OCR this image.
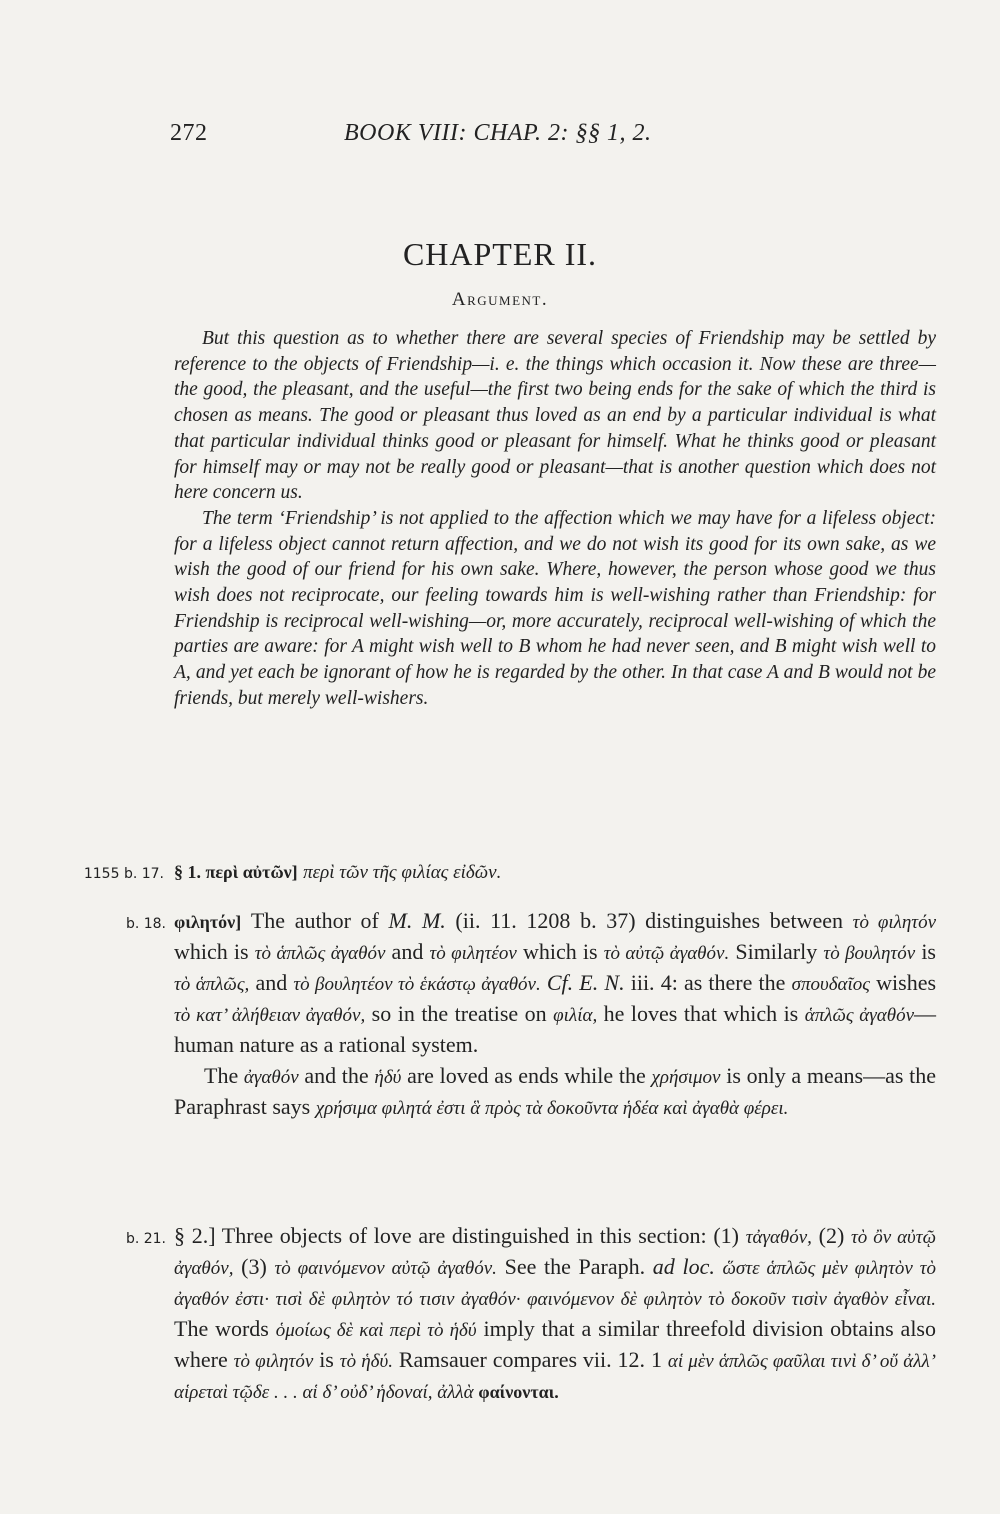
272	BOOK VIII: CHAP. 2: §§ 1, 2.
CHAPTER II.
Argument.

But this question as to whether there are several species of Friendship may be settled by reference to the objects of Friendship—i. e. the things which occasion it. Now these are three—the good, the pleasant, and the useful—the first two being ends for the sake of which the third is chosen as means. The good or pleasant thus loved as an end by a particular individual is what that particular individual thinks good or pleasant for himself. What he thinks good or pleasant for himself may or may not be really good or pleasant—that is another question which does not here concern us.

The term ‘Friendship’ is not applied to the affection which we may have for a lifeless object: for a lifeless object cannot return affection, and we do not wish its good for its own sake, as we wish the good of our friend for his own sake. Where, however, the person whose good we thus wish does not reciprocate, our feeling towards him is well-wishing rather than Friendship: for Friendship is reciprocal well-wishing—or, more accurately, reciprocal well-wishing of which the parties are aware: for A might wish well to B whom he had never seen, and B might wish well to A, and yet each be ignorant of how he is regarded by the other. In that case A and B would not be friends, but merely well-wishers.

1155 b. 17. § 1. περὶ αὐτῶν] περὶ τῶν τῆς φιλίας εἰδῶν.

b. 18. φιλητόν] The author of M. M. (ii. 11. 1208 b. 37) distinguishes between τὸ φιλητόν which is τὸ ἁπλῶς ἀγαθόν and τὸ φιλητέον which is τὸ αὐτῷ ἀγαθόν. Similarly τὸ βουλητόν is τὸ ἁπλῶς, and τὸ βουλητέον τὸ ἑκάστῳ ἀγαθόν. Cf. E. N. iii. 4: as there the σπουδαῖος wishes τὸ κατ’ ἀλήθειαν ἀγαθόν, so in the treatise on φιλία, he loves that which is ἁπλῶς ἀγαθόν—human nature as a rational system.

The ἀγαθόν and the ἡδύ are loved as ends while the χρήσιμον is only a means—as the Paraphrast says χρήσιμα φιλητά ἐστι ἃ πρὸς τὰ δοκοῦντα ἡδέα καὶ ἀγαθὰ φέρει.

b. 21. § 2.] Three objects of love are distinguished in this section: (1) τἀγαθόν, (2) τὸ ὂν αὐτῷ ἀγαθόν, (3) τὸ φαινόμενον αὐτῷ ἀγαθόν. See the Paraph. ad loc. ὥστε ἁπλῶς μὲν φιλητὸν τὸ ἀγαθόν ἐστι· τισὶ δὲ φιλητὸν τό τισιν ἀγαθόν· φαινόμενον δὲ φιλητὸν τὸ δοκοῦν τισὶν ἀγαθὸν εἶναι. The words ὁμοίως δὲ καὶ περὶ τὸ ἡδύ imply that a similar threefold division obtains also where τὸ φιλητόν is τὸ ἡδύ. Ramsauer compares vii. 12. 1 αἱ μὲν ἁπλῶς φαῦλαι τινὶ δ’ οὔ ἀλλ’ αἱρεταὶ τῷδε . . . αἱ δ’ οὐδ’ ἡδοναί, ἀλλὰ φαίνονται.
